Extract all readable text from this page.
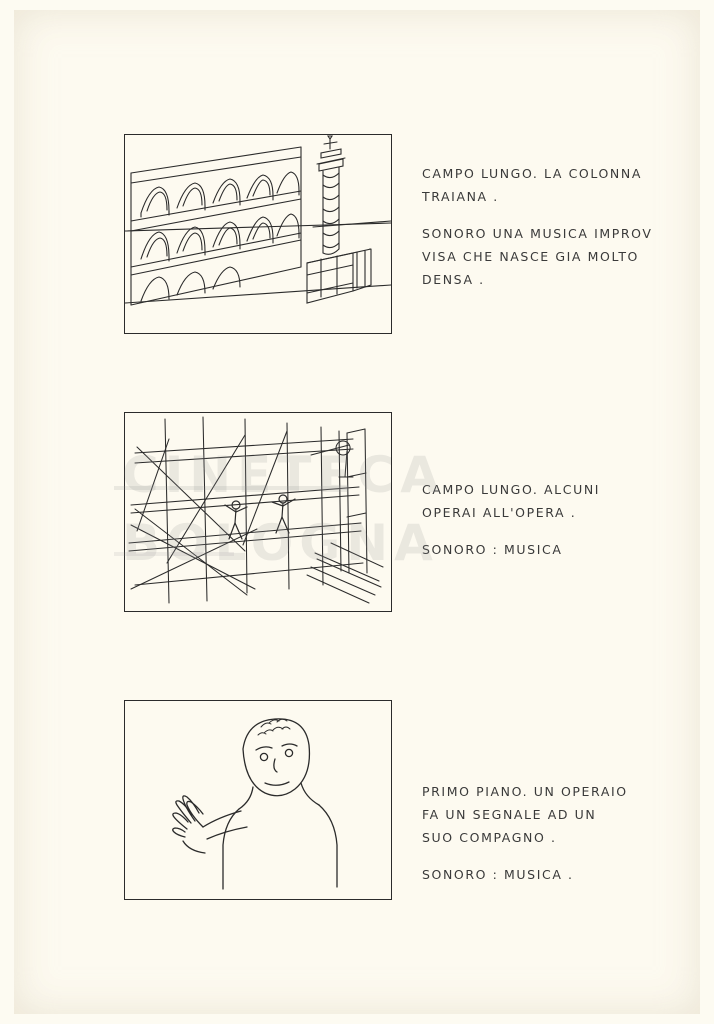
CINETECA
BOLOGNA

CAMPO LUNGO. LA COLONNA
TRAIANA .

SONORO UNA MUSICA IMPROV
VISA CHE NASCE GIA MOLTO
DENSA .

CAMPO LUNGO. ALCUNI
OPERAI ALL'OPERA .

SONORO : MUSICA

PRIMO PIANO. UN OPERAIO
FA UN SEGNALE AD UN
SUO COMPAGNO .

SONORO : MUSICA .
